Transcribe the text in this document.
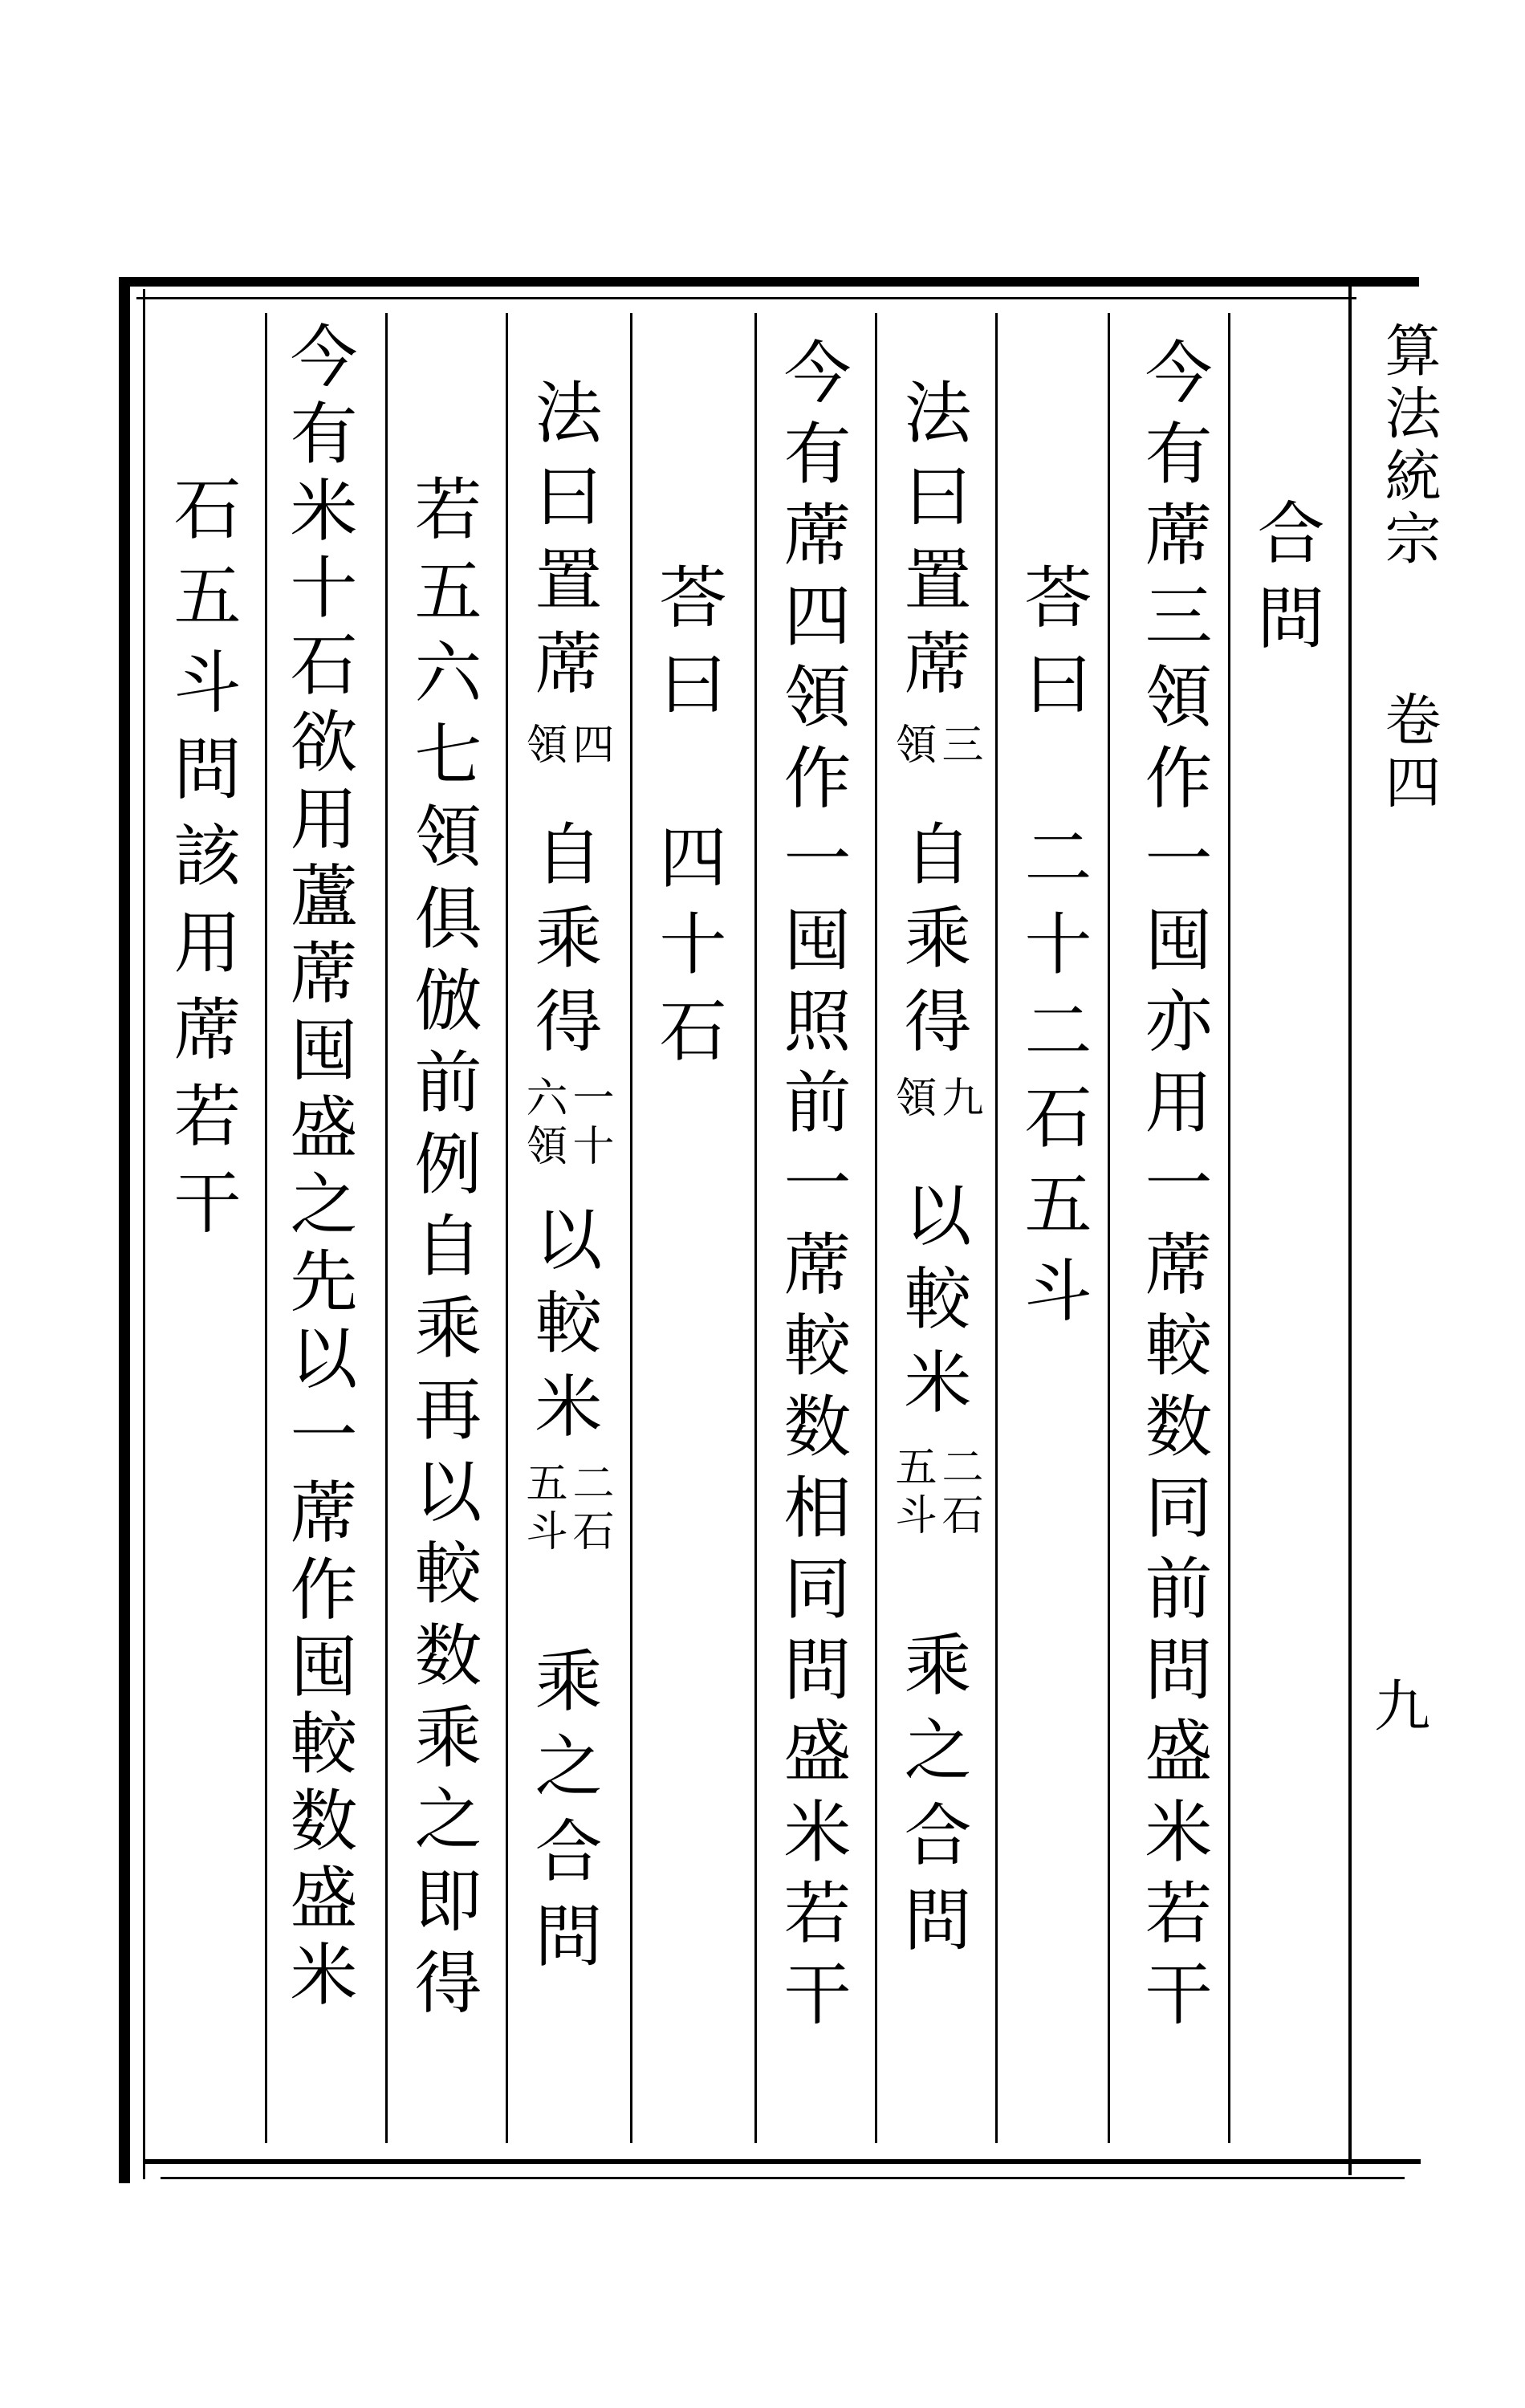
算法統宗
卷四
九
合問
今有蓆三領作一囤亦用一蓆較数同前問盛米若干
荅曰　二十二石五斗
法曰置蓆
三
領
自乘得
九
領
以較米
二石
五斗
乘之合問
今有蓆四領作一囤照前一蓆較数相同問盛米若干
荅曰　四十石
法曰置蓆
四
領
自乘得
一十
六領
以較米
二石
五斗
乘之合問
若五六七領俱倣前例自乘再以較数乘之即得
今有米十石欲用蘆蓆囤盛之先以一蓆作囤較数盛米
石五斗問該用蓆若干
